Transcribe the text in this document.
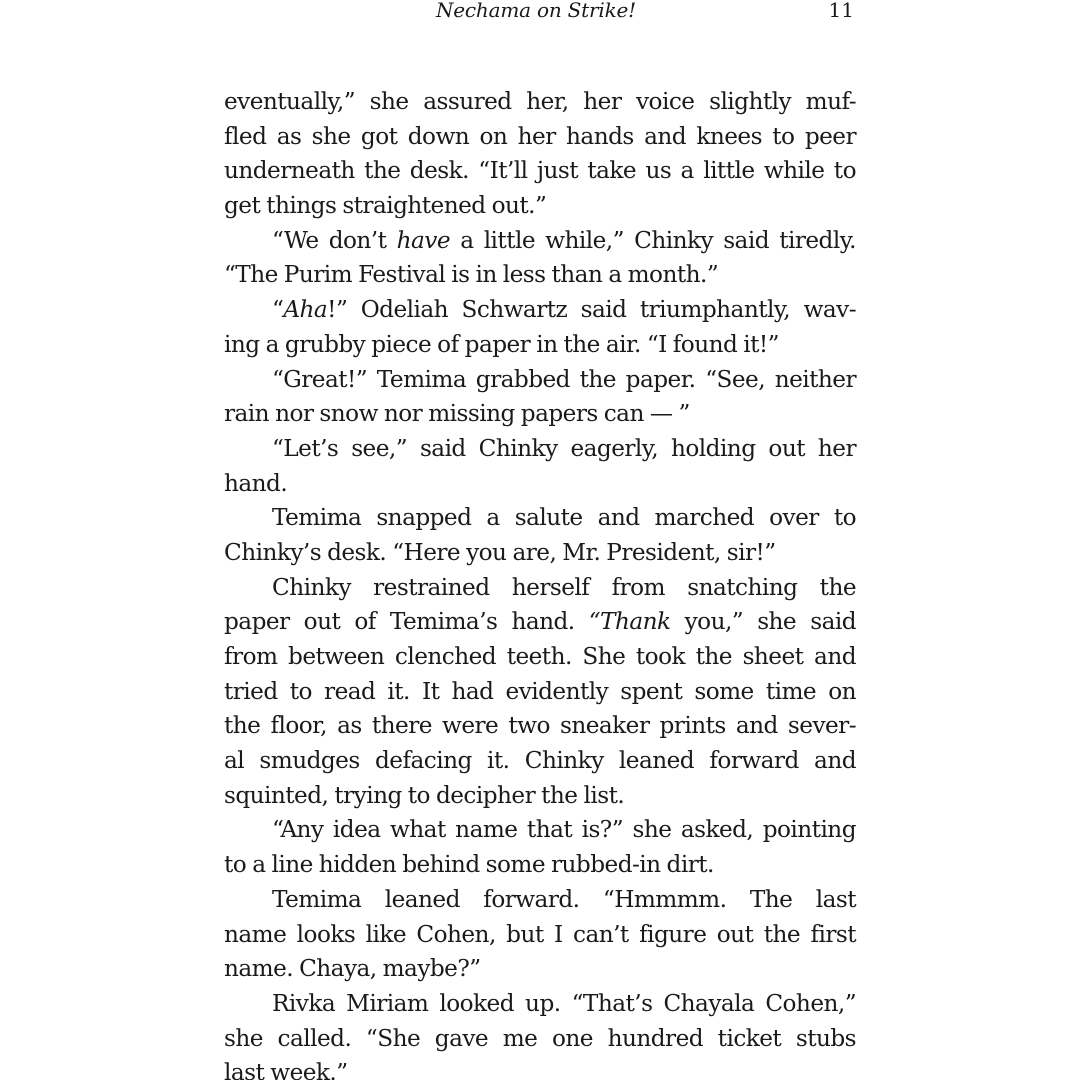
Nechama on Strike!	11
eventually,” she assured her, her voice slightly muf-
fled as she got down on her hands and knees to peer
underneath the desk. “It’ll just take us a little while to
get things straightened out.”
“We don’t have a little while,” Chinky said tiredly.
“The Purim Festival is in less than a month.”
“Aha!” Odeliah Schwartz said triumphantly, wav-
ing a grubby piece of paper in the air. “I found it!”
“Great!” Temima grabbed the paper. “See, neither
rain nor snow nor missing papers can — ”
“Let’s see,” said Chinky eagerly, holding out her
hand.
Temima snapped a salute and marched over to
Chinky’s desk. “Here you are, Mr. President, sir!”
Chinky restrained herself from snatching the
paper out of Temima’s hand. “Thank you,” she said
from between clenched teeth. She took the sheet and
tried to read it. It had evidently spent some time on
the floor, as there were two sneaker prints and sever-
al smudges defacing it. Chinky leaned forward and
squinted, trying to decipher the list.
“Any idea what name that is?” she asked, pointing
to a line hidden behind some rubbed-in dirt.
Temima leaned forward. “Hmmmm. The last
name looks like Cohen, but I can’t figure out the first
name. Chaya, maybe?”
Rivka Miriam looked up. “That’s Chayala Cohen,”
she called. “She gave me one hundred ticket stubs
last week.”
